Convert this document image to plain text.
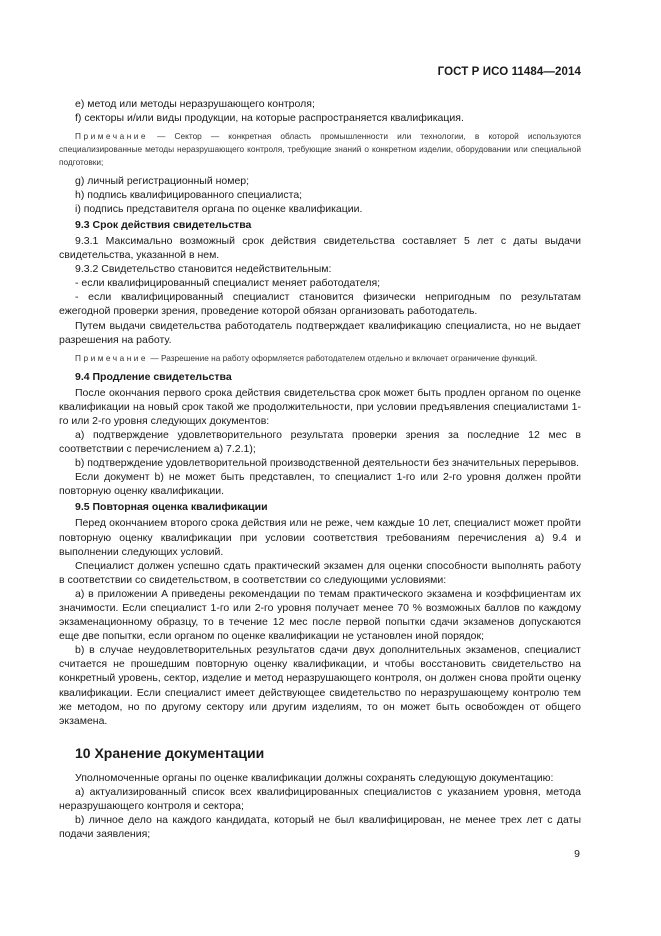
ГОСТ Р ИСО 11484—2014

e) метод или методы неразрушающего контроля;

f) секторы и/или виды продукции, на которые распространяется квалификация.

Примечание — Сектор — конкретная область промышленности или технологии, в которой используются специализированные методы неразрушающего контроля, требующие знаний о конкретном изделии, оборудовании или специальной подготовки;

g) личный регистрационный номер;

h) подпись квалифицированного специалиста;

i) подпись представителя органа по оценке квалификации.

9.3 Срок действия свидетельства

9.3.1 Максимально возможный срок действия свидетельства составляет 5 лет с даты выдачи свидетельства, указанной в нем.

9.3.2 Свидетельство становится недействительным:

- если квалифицированный специалист меняет работодателя;

- если квалифицированный специалист становится физически непригодным по результатам ежегодной проверки зрения, проведение которой обязан организовать работодатель.

Путем выдачи свидетельства работодатель подтверждает квалификацию специалиста, но не выдает разрешения на работу.

Примечание — Разрешение на работу оформляется работодателем отдельно и включает ограничение функций.

9.4 Продление свидетельства

После окончания первого срока действия свидетельства срок может быть продлен органом по оценке квалификации на новый срок такой же продолжительности, при условии предъявления специалистами 1-го или 2-го уровня следующих документов:

a) подтверждение удовлетворительного результата проверки зрения за последние 12 мес в соответствии с перечислением a) 7.2.1);

b) подтверждение удовлетворительной производственной деятельности без значительных перерывов.

Если документ b) не может быть представлен, то специалист 1-го или 2-го уровня должен пройти повторную оценку квалификации.

9.5 Повторная оценка квалификации

Перед окончанием второго срока действия или не реже, чем каждые 10 лет, специалист может пройти повторную оценку квалификации при условии соответствия требованиям перечисления a) 9.4 и выполнении следующих условий.

Специалист должен успешно сдать практический экзамен для оценки способности выполнять работу в соответствии со свидетельством, в соответствии со следующими условиями:

a) в приложении A приведены рекомендации по темам практического экзамена и коэффициентам их значимости. Если специалист 1-го или 2-го уровня получает менее 70 % возможных баллов по каждому экзаменационному образцу, то в течение 12 мес после первой попытки сдачи экзаменов допускаются еще две попытки, если органом по оценке квалификации не установлен иной порядок;

b) в случае неудовлетворительных результатов сдачи двух дополнительных экзаменов, специалист считается не прошедшим повторную оценку квалификации, и чтобы восстановить свидетельство на конкретный уровень, сектор, изделие и метод неразрушающего контроля, он должен снова пройти оценку квалификации. Если специалист имеет действующее свидетельство по неразрушающему контролю тем же методом, но по другому сектору или другим изделиям, то он может быть освобожден от общего экзамена.

10 Хранение документации

Уполномоченные органы по оценке квалификации должны сохранять следующую документацию:

a) актуализированный список всех квалифицированных специалистов с указанием уровня, метода неразрушающего контроля и сектора;

b) личное дело на каждого кандидата, который не был квалифицирован, не менее трех лет с даты подачи заявления;

9
